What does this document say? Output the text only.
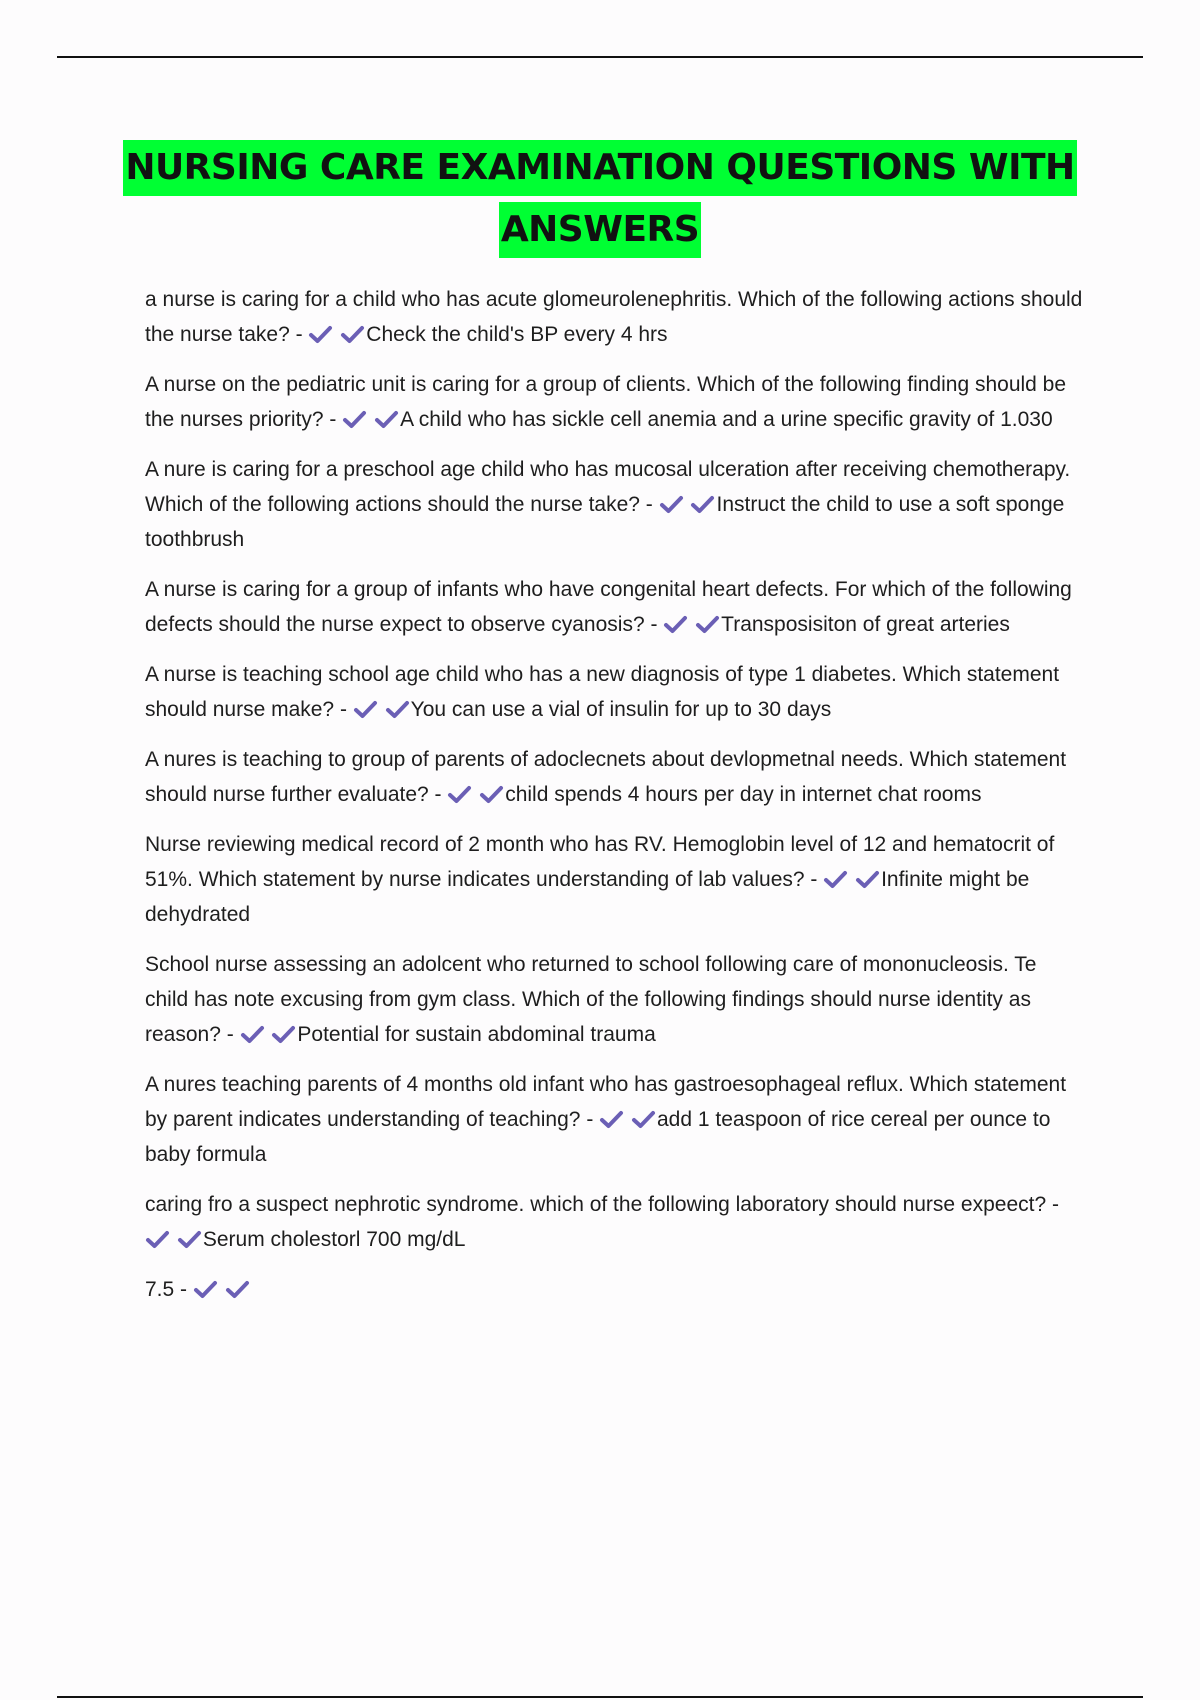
NURSING CARE EXAMINATION QUESTIONS WITH
ANSWERS
a nurse is caring for a child who has acute glomeurolenephritis. Which of the following actions should the nurse take? -
	Check the child's BP every 4 hrs
A nurse on the pediatric unit is caring for a group of clients. Which of the following finding should be the nurses priority? -
	A child who has sickle cell anemia and a urine specific gravity of 1.030
A nure is caring for a preschool age child who has mucosal ulceration after receiving chemotherapy. Which of the following actions should the nurse take? -
	Instruct the child to use a soft sponge toothbrush
A nurse is caring for a group of infants who have congenital heart defects. For which of the following defects should the nurse expect to observe cyanosis? -
	Transposisiton of great arteries
A nurse is teaching school age child who has a new diagnosis of type 1 diabetes. Which statement should nurse make? -
	You can use a vial of insulin for up to 30 days
A nures is teaching to group of parents of adoclecnets about devlopmetnal needs. Which statement should nurse further evaluate? -
	child spends 4 hours per day in internet chat rooms
Nurse reviewing medical record of 2 month who has RV. Hemoglobin level of 12 and hematocrit of 51%. Which statement by nurse indicates understanding of lab values? -
	Infinite might be dehydrated
School nurse assessing an adolcent who returned to school following care of mononucleosis. Te child has note excusing from gym class. Which of the following findings should nurse identity as reason? -
	Potential for sustain abdominal trauma
A nures teaching parents of 4 months old infant who has gastroesophageal reflux. Which statement by parent indicates understanding of teaching? -
	add 1 teaspoon of rice cereal per ounce to baby formula
caring fro a suspect nephrotic syndrome. which of the following laboratory should nurse expeect? -

Serum cholestorl 700 mg/dL
7.5 -
